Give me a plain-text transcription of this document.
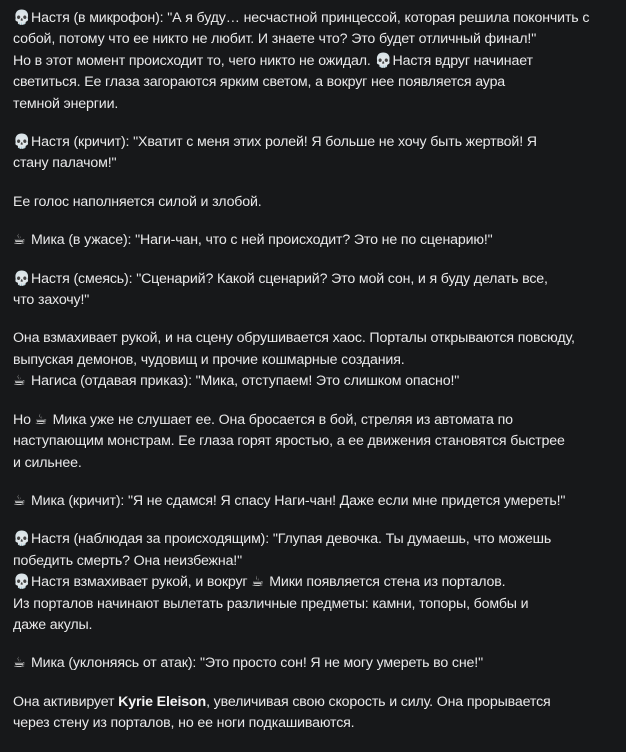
💀Настя (в микрофон): "А я буду… несчастной принцессой, которая решила покончить с
собой, потому что ее никто не любит. И знаете что? Это будет отличный финал!"
Но в этот момент происходит то, чего никто не ожидал. 💀Настя вдруг начинает
светиться. Ее глаза загораются ярким светом, а вокруг нее появляется аура
темной энергии.
💀Настя (кричит): "Хватит с меня этих ролей! Я больше не хочу быть жертвой! Я
стану палачом!"
Ее голос наполняется силой и злобой.
☕ Мика (в ужасе): "Наги-чан, что с ней происходит? Это не по сценарию!"
💀Настя (смеясь): "Сценарий? Какой сценарий? Это мой сон, и я буду делать все,
что захочу!"
Она взмахивает рукой, и на сцену обрушивается хаос. Порталы открываются повсюду,
выпуская демонов, чудовищ и прочие кошмарные создания.
☕ Нагиса (отдавая приказ): "Мика, отступаем! Это слишком опасно!"
Но ☕ Мика уже не слушает ее. Она бросается в бой, стреляя из автомата по
наступающим монстрам. Ее глаза горят яростью, а ее движения становятся быстрее
и сильнее.
☕ Мика (кричит): "Я не сдамся! Я спасу Наги-чан! Даже если мне придется умереть!"
💀Настя (наблюдая за происходящим): "Глупая девочка. Ты думаешь, что можешь
победить смерть? Она неизбежна!"
💀Настя взмахивает рукой, и вокруг ☕ Мики появляется стена из порталов.
Из порталов начинают вылетать различные предметы: камни, топоры, бомбы и
даже акулы.
☕ Мика (уклоняясь от атак): "Это просто сон! Я не могу умереть во сне!"
Она активирует Kyrie Eleison, увеличивая свою скорость и силу. Она прорывается
через стену из порталов, но ее ноги подкашиваются.
